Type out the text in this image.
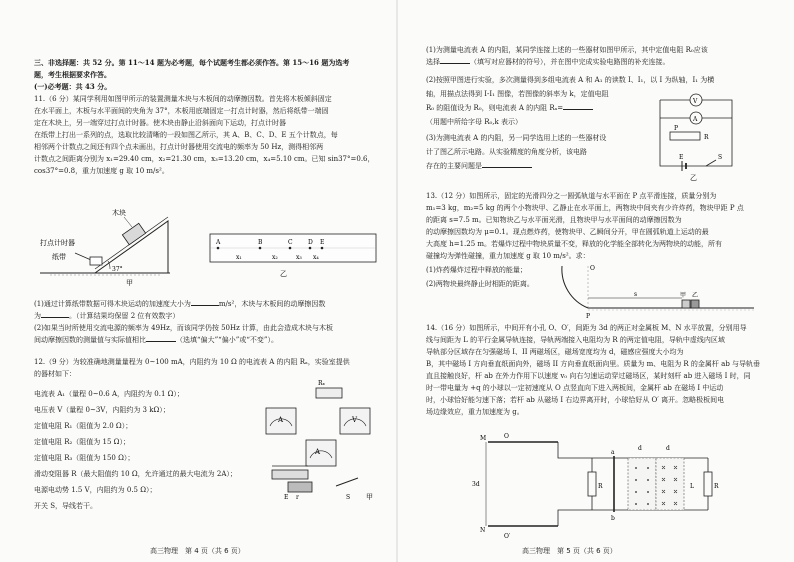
三、非选择题：共 52 分。第 11～14 题为必考题，每个试题考生都必须作答。第 15～16 题为选考
题，考生根据要求作答。
(一)必考题：共 43 分。
11.（6 分）某同学利用如图甲所示的装置测量木块与木板间的动摩擦因数。首先将木板倾斜固定
在水平面上，木板与水平面间的夹角为 37°，木板用底端固定一打点计时器，然后将纸带一端固
定在木块上，另一端穿过打点计时器。使木块由静止沿斜面向下运动，打点计时器
在纸带上打出一系列的点，选取比较清晰的一段如图乙所示，其 A、B、C、D、E 五个计数点，每
相邻两个计数点之间还有四个点未画出，打点计时器使用交流电的频率为 50 Hz，测得相邻两
计数点之间距离分别为 x₁=29.40 cm，x₂=21.30 cm，x₃=13.20 cm，x₄=5.10 cm。已知 sin37°=0.6，
cos37°=0.8，重力加速度 g 取 10 m/s²。
木块
打点计时器
纸带
37°
甲
A	B	C	D E
x₁	x₂	x₃ x₄
乙
(1)通过计算纸带数据可得木块运动的加速度大小为	m/s²，木块与木板间的动摩擦因数
为	。（计算结果均保留 2 位有效数字）
(2)如果当时所使用交流电源的频率为 49Hz，而该同学仍按 50Hz 计算，由此会造成木块与木板
间动摩擦因数的测量值与实际值相比	（选填“偏大”“偏小”或“不变”）。
12.（9 分）为较准确地测量量程为 0~100 mA，内阻约为 10 Ω 的电流表 A 的内阻 Rₐ，实验室提供
的器材如下：
电流表 A₁（量程 0~0.6 A，内阻约为 0.1 Ω）；
电压表 V（量程 0~3V，内阻约为 3 kΩ）；
定值电阻 R₁（阻值为 2.0 Ω）；
定值电阻 R₂（阻值为 15 Ω）；
定值电阻 R₃（阻值为 150 Ω）；
滑动变阻器 R（最大阻值约 10 Ω，允许通过的最大电流为 2A）；
电源电动势 1.5 V，内阻约为 0.5 Ω）；
开关 S，导线若干。
Rₓ
A	V
A
E r	S 甲
高三物理　第 4 页（共 6 页）
(1)为测量电流表 A 的内阻，某同学连接上述的一些器材如图甲所示，其中定值电阻 R₀应该
选择	（填写对应器材的符号），并在图中完成实验电路图的补充连接。
(2)按照甲图进行实验，多次测量得到多组电流表 A 和 A₁ 的读数 I、I₁，以 I 为纵轴，I₁ 为横
轴，用描点法得到 I-I₁ 图像，若图像的斜率为 k，定值电阻
R₀ 的阻值设为 R₀，则电流表 A 的内阻 Rₐ=
（用题中所给字母 R₀,k 表示）
(3)为测电流表 A 的内阻，另一同学选用上述的一些器材设
计了图乙所示电路。从实验精度的角度分析，该电路
存在的主要问题是
V
A
P
R
E	S
乙
13.（12 分）如图所示，固定的光滑四分之一圆弧轨道与水平面在 P 点平滑连接，质量分别为
m₁=3 kg，m₂=5 kg 的两个小物块甲、乙静止在水平面上，两物块中间夹有少许炸药，物块甲距 P 点
的距离 s=7.5 m。已知物块乙与水平面光滑，且物块甲与水平面间的动摩擦因数为
的动摩擦因数均为 μ=0.1。现点燃炸药，使物块甲、乙瞬间分开，甲在圆弧轨道上运动的最
大高度 h=1.25 m。若爆炸过程中物块质量不变，释放的化学能全部转化为两物块的动能，所有
碰撞均为弹性碰撞，重力加速度 g 取 10 m/s²。求：
(1)炸药爆炸过程中释放的能量；
(2)两物块最终静止时相距的距离。
O
P
s	甲 乙
14.（16 分）如图所示，中间开有小孔 O、O′，间距为 3d 的两正对金属板 M、N 水平放置，分别用导
线与间距为 L 的平行金属导轨连接，导轨两端接入电阻均为 R 的两定值电阻，导轨中虚线内区域
导轨部分区域存在匀强磁场 I、II 两磁场区，磁场宽度均为 d，磁感应强度大小均为
B，其中磁场 I 方向垂直纸面向外，磁场 II 方向垂直纸面向里。质量为 m、电阻为 R 的金属杆 ab 与导轨垂
直且接触良好，杆 ab 在外力作用下以速度 v₀ 向右匀速运动穿过磁场区，某时刻杆 ab 进入磁场 I 时，同
时一带电量为 +q 的小球以一定初速度从 O 点竖直向下进入两板间，金属杆 ab 在磁场 I 中运动
时，小球恰好能匀速下落；若杆 ab 从磁场 I 右边界离开时，小球恰好从 O′ 离开。忽略极板间电
场边缘效应，重力加速度为 g。
M
N
O
O′
3d	R
a
b
d	d
R
L
高三物理　第 5 页（共 6 页）
